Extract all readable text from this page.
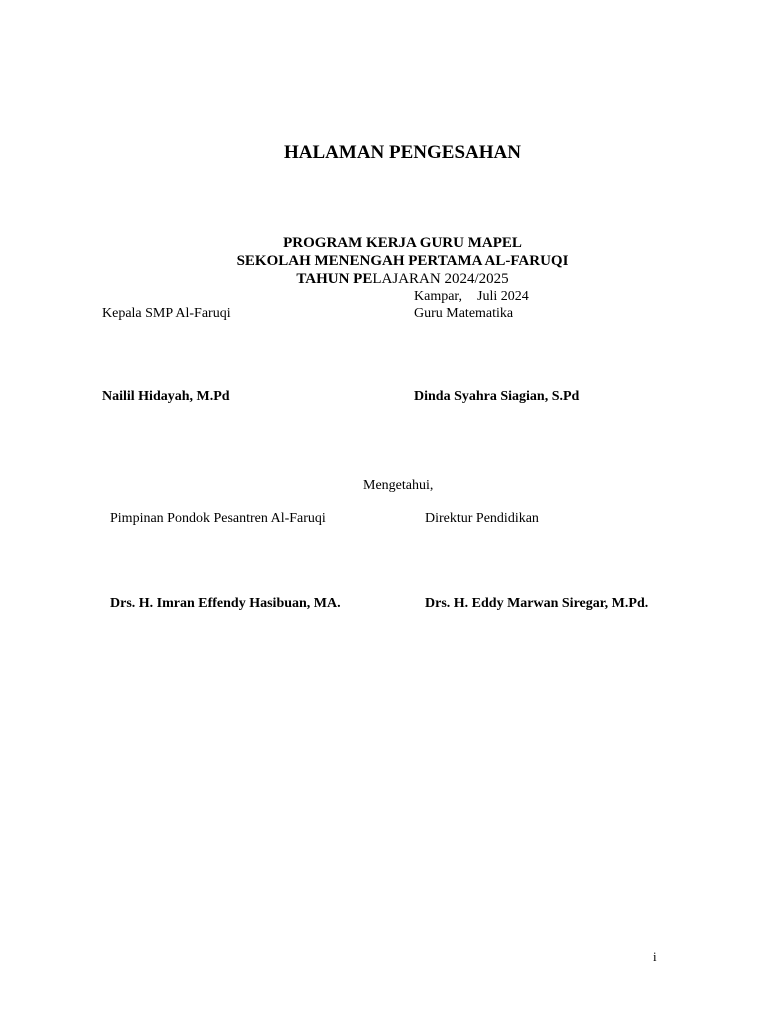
HALAMAN PENGESAHAN
PROGRAM KERJA GURU MAPEL
SEKOLAH MENENGAH PERTAMA AL-FARUQI
TAHUN PELAJARAN 2024/2025
Kampar, Juli 2024
Kepala SMP Al-Faruqi	Guru Matematika
Nailil Hidayah, M.Pd	Dinda Syahra Siagian, S.Pd
Mengetahui,
Pimpinan Pondok Pesantren Al-Faruqi	Direktur Pendidikan
Drs. H. Imran Effendy Hasibuan, MA.	Drs. H. Eddy Marwan Siregar, M.Pd.
i
